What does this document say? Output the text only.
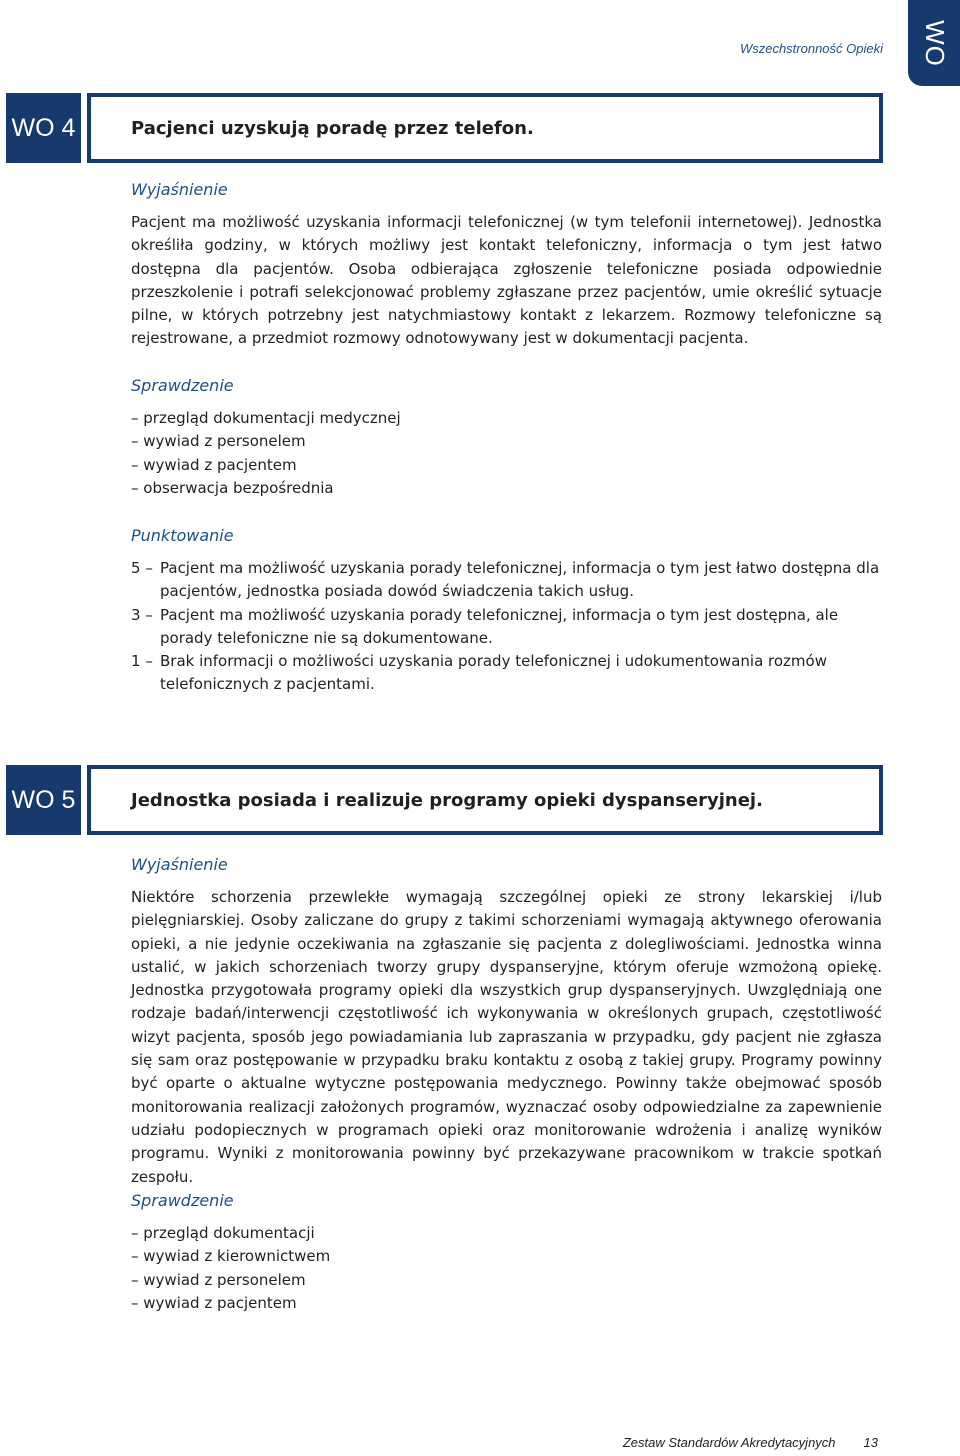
Wszechstronność Opieki WO
WO 4	Pacjenci uzyskują poradę przez telefon.

Wyjaśnienie

Pacjent ma możliwość uzyskania informacji telefonicznej (w tym telefonii internetowej). Jednostka określiła godziny, w których możliwy jest kontakt telefoniczny, informacja o tym jest łatwo dostępna dla pacjentów. Osoba odbierająca zgłoszenie telefoniczne posiada odpowiednie przeszkolenie i potrafi selekcjonować problemy zgłaszane przez pacjentów, umie określić sytuacje pilne, w których potrzebny jest natychmiastowy kontakt z lekarzem. Rozmowy telefoniczne są rejestrowane, a przedmiot rozmowy odnotowywany jest w dokumentacji pacjenta.

Sprawdzenie

– przegląd dokumentacji medycznej
– wywiad z personelem
– wywiad z pacjentem
– obserwacja bezpośrednia

Punktowanie

5 –	Pacjent ma możliwość uzyskania porady telefonicznej, informacja o tym jest łatwo dostępna dla pacjentów, jednostka posiada dowód świadczenia takich usług.
3 –	Pacjent ma możliwość uzyskania porady telefonicznej, informacja o tym jest dostępna, ale porady telefoniczne nie są dokumentowane.
1 –	Brak informacji o możliwości uzyskania porady telefonicznej i udokumentowania rozmów telefonicznych z pacjentami.
WO 5	Jednostka posiada i realizuje programy opieki dyspanseryjnej.

Wyjaśnienie

Niektóre schorzenia przewlekłe wymagają szczególnej opieki ze strony lekarskiej i/lub pielęgniarskiej. Osoby zaliczane do grupy z takimi schorzeniami wymagają aktywnego oferowania opieki, a nie jedynie oczekiwania na zgłaszanie się pacjenta z dolegliwościami. Jednostka winna ustalić, w jakich schorzeniach tworzy grupy dyspanseryjne, którym oferuje wzmożoną opiekę. Jednostka przygotowała programy opieki dla wszystkich grup dyspanseryjnych. Uwzględniają one rodzaje badań/interwencji częstotliwość ich wykonywania w określonych grupach, częstotliwość wizyt pacjenta, sposób jego powiadamiania lub zapraszania w przypadku, gdy pacjent nie zgłasza się sam oraz postępowanie w przypadku braku kontaktu z osobą z takiej grupy. Programy powinny być oparte o aktualne wytyczne postępowania medycznego. Powinny także obejmować sposób monitorowania realizacji założonych programów, wyznaczać osoby odpowiedzialne za zapewnienie udziału podopiecznych w programach opieki oraz monitorowanie wdrożenia i analizę wyników programu. Wyniki z monitorowania powinny być przekazywane pracownikom w trakcie spotkań zespołu.

Sprawdzenie

– przegląd dokumentacji
– wywiad z kierownictwem
– wywiad z personelem
– wywiad z pacjentem
Zestaw Standardów Akredytacyjnych 13
